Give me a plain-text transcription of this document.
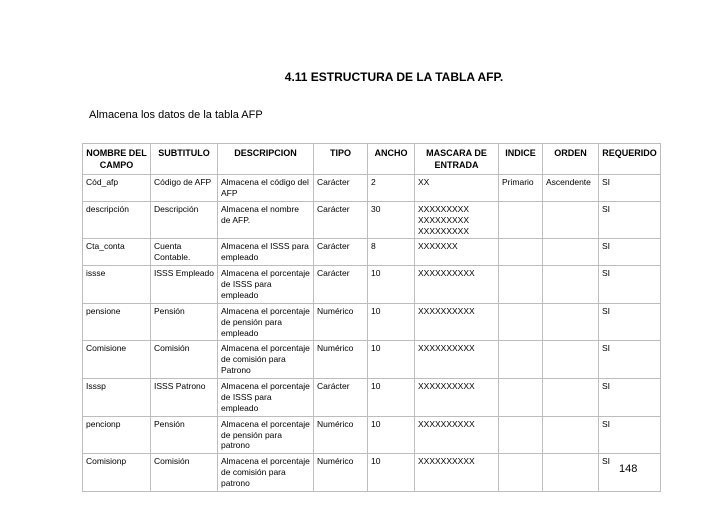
4.11 ESTRUCTURA DE LA TABLA AFP.
Almacena los datos de la tabla AFP
NOMBRE DEL CAMPO	SUBTITULO	DESCRIPCION	TIPO	ANCHO	MASCARA DE ENTRADA	INDICE	ORDEN	REQUERIDO
Cód_afp	Código de AFP	Almacena el código del AFP	Carácter	2	XX	Primario	Ascendente	SI
descripción	Descripción	Almacena el nombre de AFP.	Carácter	30	XXXXXXXXX XXXXXXXXX XXXXXXXXX			SI
Cta_conta	Cuenta Contable.	Almacena el ISSS para empleado	Carácter	8	XXXXXXX			SI
issse	ISSS Empleado	Almacena el porcentaje de ISSS para empleado	Carácter	10	XXXXXXXXXX			SI
pensione	Pensión	Almacena el porcentaje de pensión para empleado	Numérico	10	XXXXXXXXXX			SI
Comisione	Comisión	Almacena el porcentaje de comisión para Patrono	Numérico	10	XXXXXXXXXX			SI
Isssp	ISSS Patrono	Almacena el porcentaje de ISSS para empleado	Carácter	10	XXXXXXXXXX			SI
pencionp	Pensión	Almacena el porcentaje de pensión para patrono	Numérico	10	XXXXXXXXXX			SI
Comisionp	Comisión	Almacena el porcentaje de comisión para patrono	Numérico	10	XXXXXXXXXX			SI
148
